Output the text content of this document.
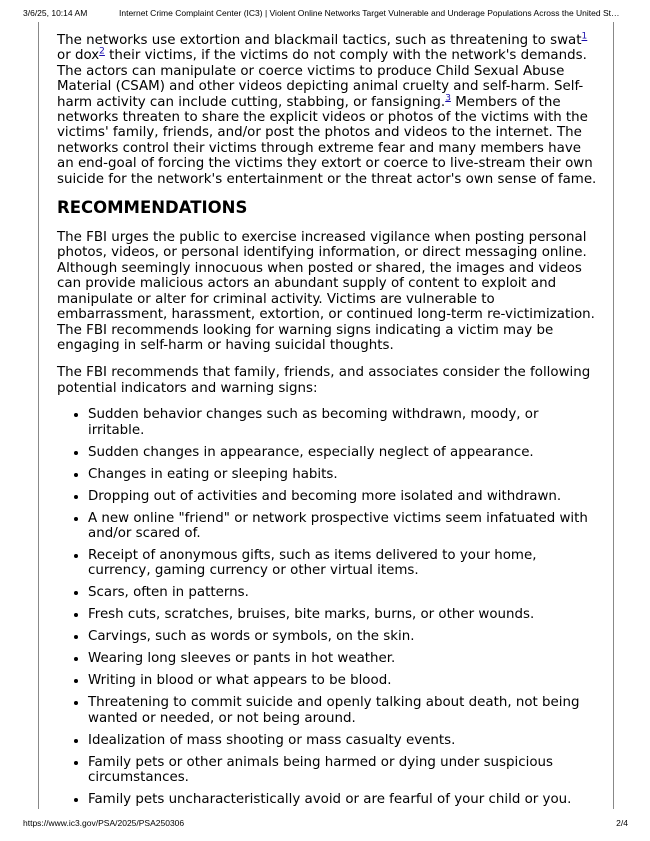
3/6/25, 10:14 AM	Internet Crime Complaint Center (IC3) | Violent Online Networks Target Vulnerable and Underage Populations Across the United St…

The networks use extortion and blackmail tactics, such as threatening to swat$^1$ or dox$^2$ their victims, if the victims do not comply with the network's demands. The actors can manipulate or coerce victims to produce Child Sexual Abuse Material (CSAM) and other videos depicting animal cruelty and self-harm. Self-harm activity can include cutting, stabbing, or fansigning.$^3$ Members of the networks threaten to share the explicit videos or photos of the victims with the victims' family, friends, and/or post the photos and videos to the internet. The networks control their victims through extreme fear and many members have an end-goal of forcing the victims they extort or coerce to live-stream their own suicide for the network's entertainment or the threat actor's own sense of fame.

RECOMMENDATIONS

The FBI urges the public to exercise increased vigilance when posting personal photos, videos, or personal identifying information, or direct messaging online. Although seemingly innocuous when posted or shared, the images and videos can provide malicious actors an abundant supply of content to exploit and manipulate or alter for criminal activity. Victims are vulnerable to embarrassment, harassment, extortion, or continued long-term re-victimization. The FBI recommends looking for warning signs indicating a victim may be engaging in self-harm or having suicidal thoughts.

The FBI recommends that family, friends, and associates consider the following potential indicators and warning signs:

• Sudden behavior changes such as becoming withdrawn, moody, or irritable.
• Sudden changes in appearance, especially neglect of appearance.
• Changes in eating or sleeping habits.
• Dropping out of activities and becoming more isolated and withdrawn.
• A new online "friend" or network prospective victims seem infatuated with and/or scared of.
• Receipt of anonymous gifts, such as items delivered to your home, currency, gaming currency or other virtual items.
• Scars, often in patterns.
• Fresh cuts, scratches, bruises, bite marks, burns, or other wounds.
• Carvings, such as words or symbols, on the skin.
• Wearing long sleeves or pants in hot weather.
• Writing in blood or what appears to be blood.
• Threatening to commit suicide and openly talking about death, not being wanted or needed, or not being around.
• Idealization of mass shooting or mass casualty events.
• Family pets or other animals being harmed or dying under suspicious circumstances.
• Family pets uncharacteristically avoid or are fearful of your child or you.
https://www.ic3.gov/PSA/2025/PSA250306	2/4
